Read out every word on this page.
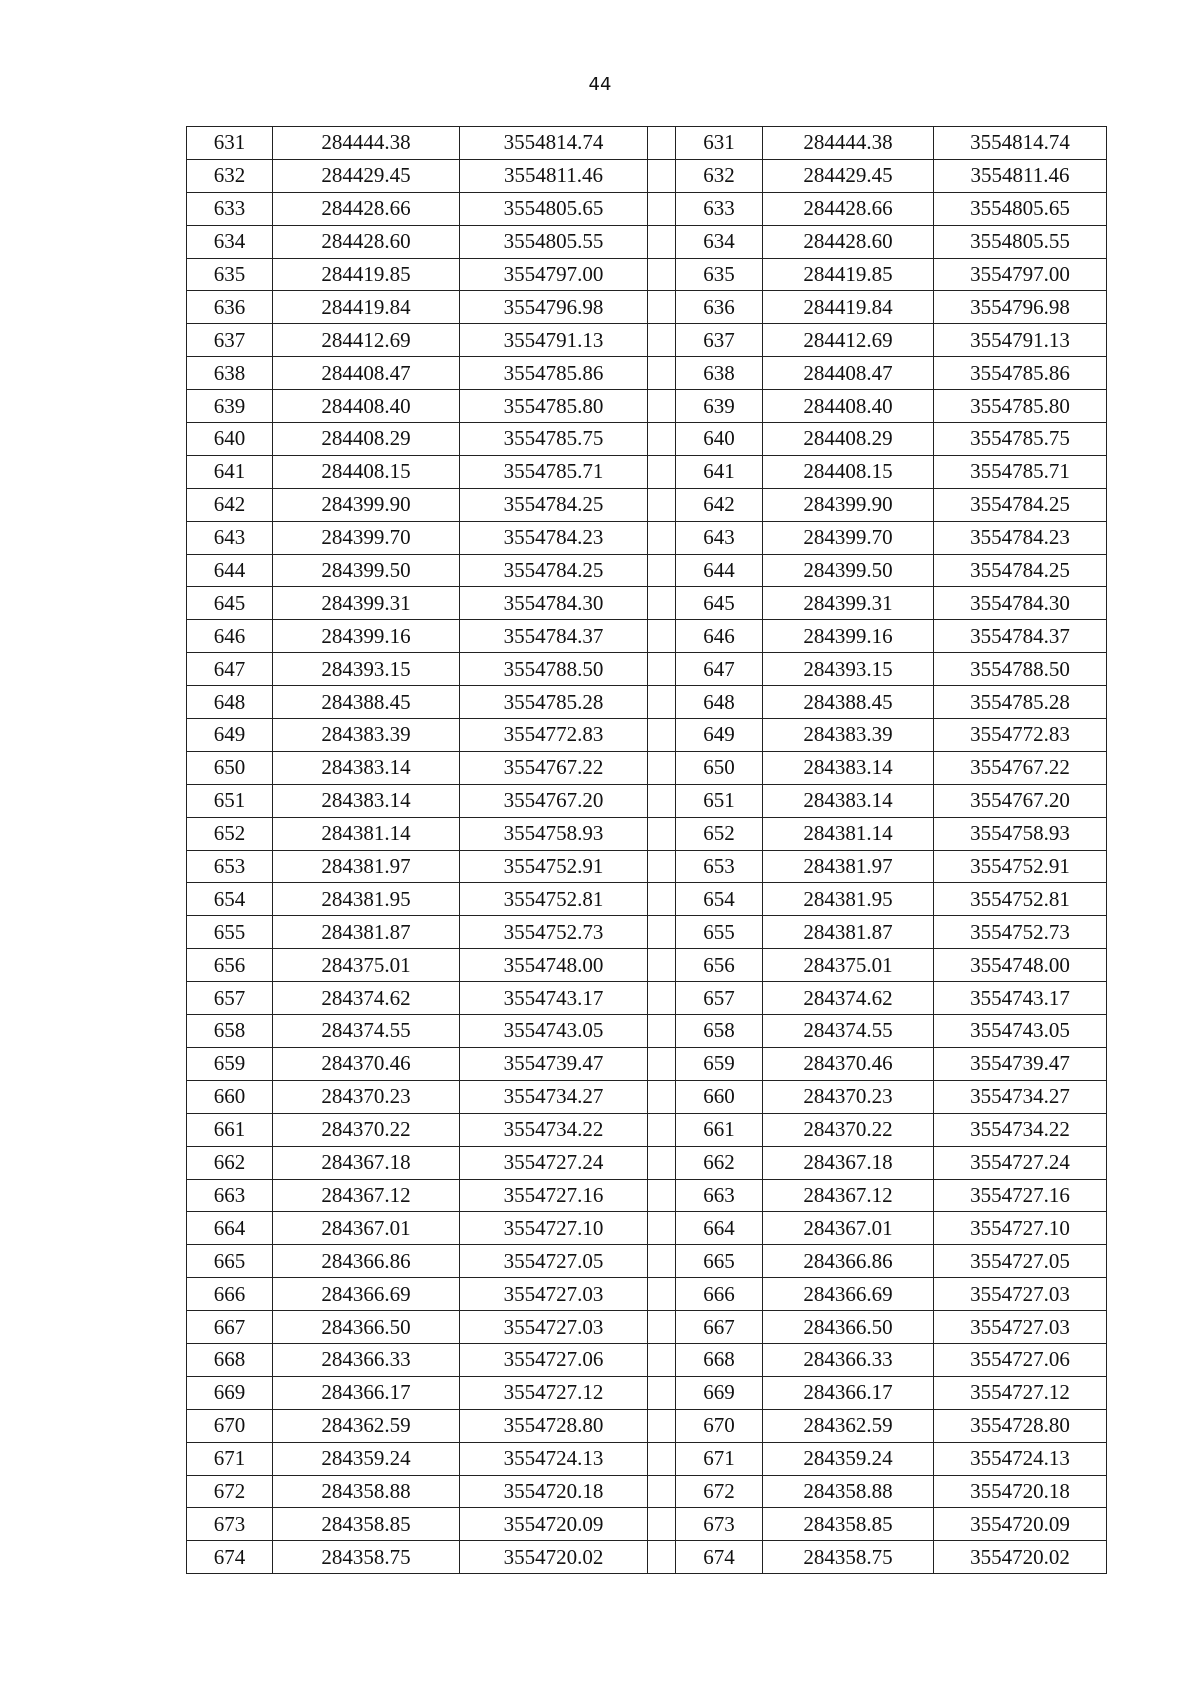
44
631	284444.38	3554814.74		631	284444.38	3554814.74
632	284429.45	3554811.46		632	284429.45	3554811.46
633	284428.66	3554805.65		633	284428.66	3554805.65
634	284428.60	3554805.55		634	284428.60	3554805.55
635	284419.85	3554797.00		635	284419.85	3554797.00
636	284419.84	3554796.98		636	284419.84	3554796.98
637	284412.69	3554791.13		637	284412.69	3554791.13
638	284408.47	3554785.86		638	284408.47	3554785.86
639	284408.40	3554785.80		639	284408.40	3554785.80
640	284408.29	3554785.75		640	284408.29	3554785.75
641	284408.15	3554785.71		641	284408.15	3554785.71
642	284399.90	3554784.25		642	284399.90	3554784.25
643	284399.70	3554784.23		643	284399.70	3554784.23
644	284399.50	3554784.25		644	284399.50	3554784.25
645	284399.31	3554784.30		645	284399.31	3554784.30
646	284399.16	3554784.37		646	284399.16	3554784.37
647	284393.15	3554788.50		647	284393.15	3554788.50
648	284388.45	3554785.28		648	284388.45	3554785.28
649	284383.39	3554772.83		649	284383.39	3554772.83
650	284383.14	3554767.22		650	284383.14	3554767.22
651	284383.14	3554767.20		651	284383.14	3554767.20
652	284381.14	3554758.93		652	284381.14	3554758.93
653	284381.97	3554752.91		653	284381.97	3554752.91
654	284381.95	3554752.81		654	284381.95	3554752.81
655	284381.87	3554752.73		655	284381.87	3554752.73
656	284375.01	3554748.00		656	284375.01	3554748.00
657	284374.62	3554743.17		657	284374.62	3554743.17
658	284374.55	3554743.05		658	284374.55	3554743.05
659	284370.46	3554739.47		659	284370.46	3554739.47
660	284370.23	3554734.27		660	284370.23	3554734.27
661	284370.22	3554734.22		661	284370.22	3554734.22
662	284367.18	3554727.24		662	284367.18	3554727.24
663	284367.12	3554727.16		663	284367.12	3554727.16
664	284367.01	3554727.10		664	284367.01	3554727.10
665	284366.86	3554727.05		665	284366.86	3554727.05
666	284366.69	3554727.03		666	284366.69	3554727.03
667	284366.50	3554727.03		667	284366.50	3554727.03
668	284366.33	3554727.06		668	284366.33	3554727.06
669	284366.17	3554727.12		669	284366.17	3554727.12
670	284362.59	3554728.80		670	284362.59	3554728.80
671	284359.24	3554724.13		671	284359.24	3554724.13
672	284358.88	3554720.18		672	284358.88	3554720.18
673	284358.85	3554720.09		673	284358.85	3554720.09
674	284358.75	3554720.02		674	284358.75	3554720.02
